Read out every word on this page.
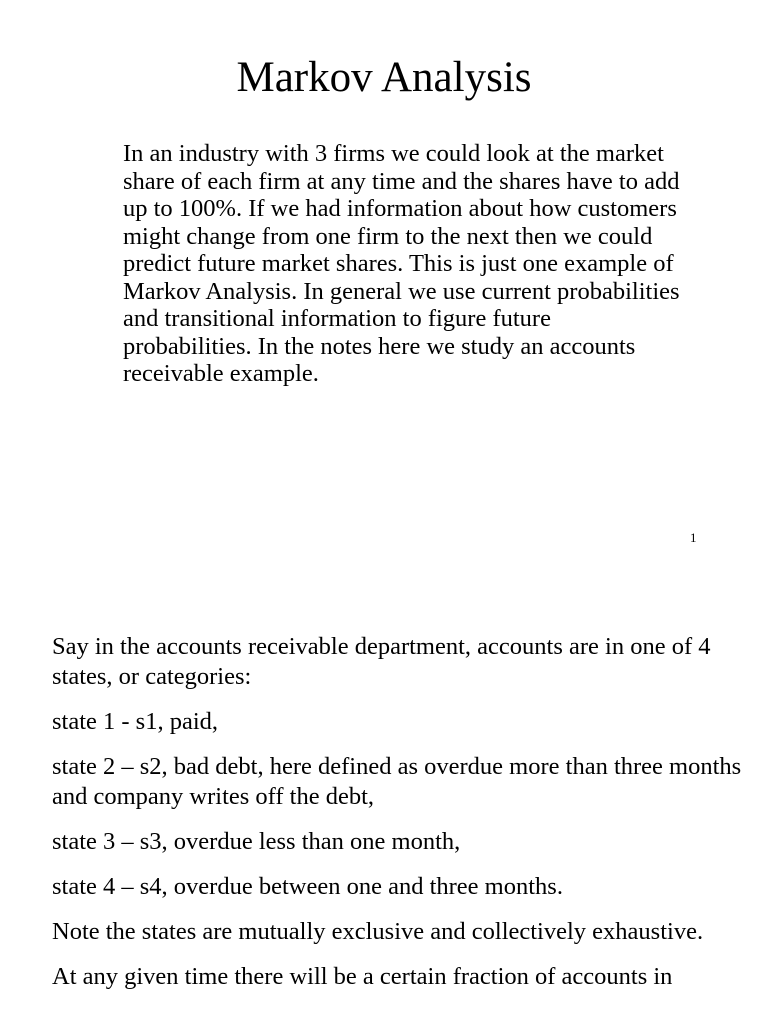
Markov Analysis

In an industry with 3 firms we could look at the market share of each firm at any time and the shares have to add up to 100%. If we had information about how customers might change from one firm to the next then we could predict future market shares. This is just one example of Markov Analysis. In general we use current probabilities and transitional information to figure future probabilities. In the notes here we study an accounts receivable example.

1

Say in the accounts receivable department, accounts are in one of 4 states, or categories:

state 1 - s1, paid,

state 2 – s2, bad debt, here defined as overdue more than three months and company writes off the debt,

state 3 – s3, overdue less than one month,

state 4 – s4, overdue between one and three months.

Note the states are mutually exclusive and collectively exhaustive.

At any given time there will be a certain fraction of accounts in
